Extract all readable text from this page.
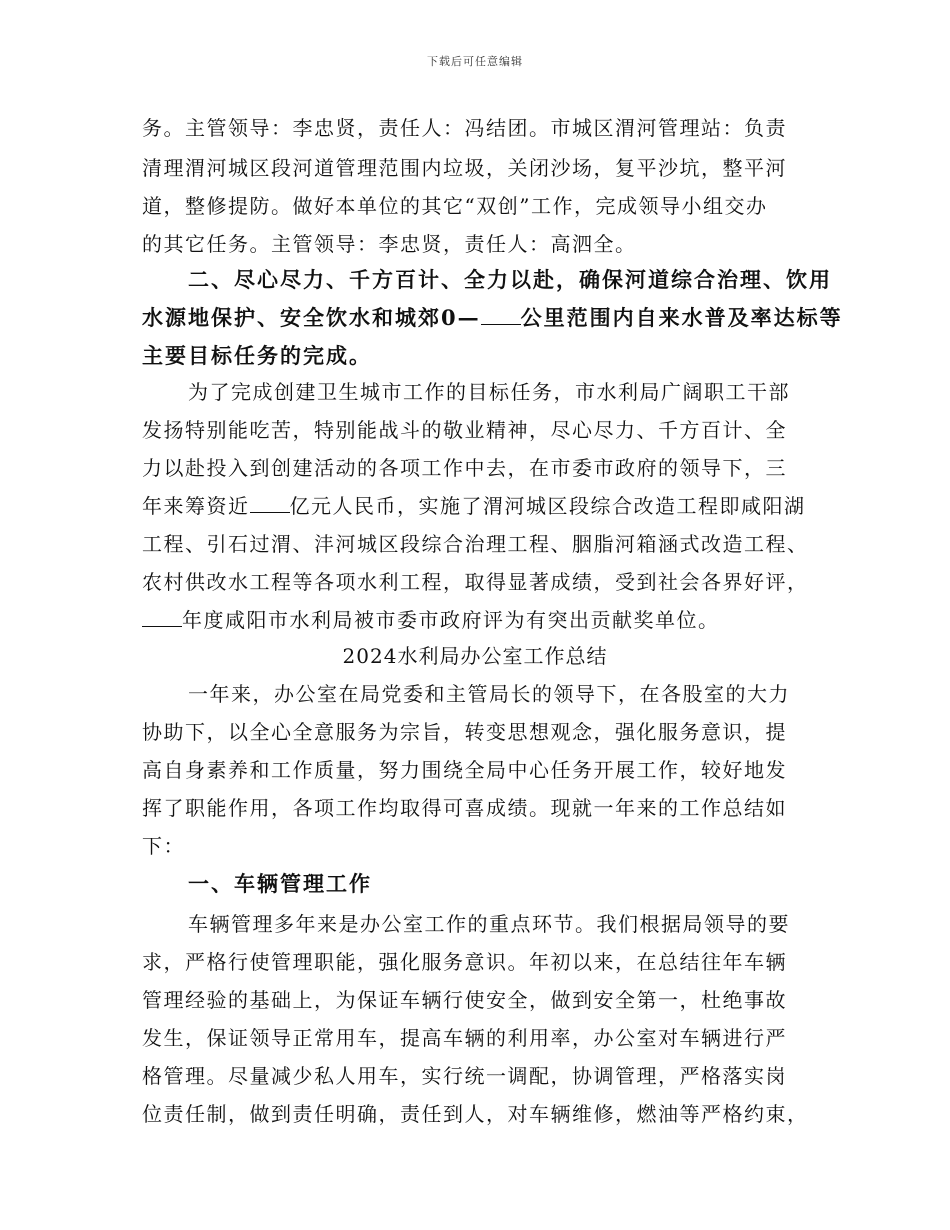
下载后可任意编辑
务。主管领导：李忠贤，责任人：冯结团。市城区渭河管理站：负责
清理渭河城区段河道管理范围内垃圾，关闭沙场，复平沙坑，整平河
道，整修提防。做好本单位的其它“双创”工作，完成领导小组交办
的其它任务。主管领导：李忠贤，责任人：高泗全。
二、尽心尽力、千方百计、全力以赴，确保河道综合治理、饮用
水源地保护、安全饮水和城郊0— 公里范围内自来水普及率达标等
主要目标任务的完成。
为了完成创建卫生城市工作的目标任务，市水利局广阔职工干部
发扬特别能吃苦，特别能战斗的敬业精神，尽心尽力、千方百计、全
力以赴投入到创建活动的各项工作中去，在市委市政府的领导下，三
年来筹资近 亿元人民币，实施了渭河城区段综合改造工程即咸阳湖
工程、引石过渭、沣河城区段综合治理工程、胭脂河箱涵式改造工程、
农村供改水工程等各项水利工程，取得显著成绩，受到社会各界好评，
年度咸阳市水利局被市委市政府评为有突出贡献奖单位。
2024水利局办公室工作总结
一年来，办公室在局党委和主管局长的领导下，在各股室的大力
协助下，以全心全意服务为宗旨，转变思想观念，强化服务意识，提
高自身素养和工作质量，努力围绕全局中心任务开展工作，较好地发
挥了职能作用，各项工作均取得可喜成绩。现就一年来的工作总结如
下：
一、车辆管理工作
车辆管理多年来是办公室工作的重点环节。我们根据局领导的要
求，严格行使管理职能，强化服务意识。年初以来，在总结往年车辆
管理经验的基础上，为保证车辆行使安全，做到安全第一，杜绝事故
发生，保证领导正常用车，提高车辆的利用率，办公室对车辆进行严
格管理。尽量减少私人用车，实行统一调配，协调管理，严格落实岗
位责任制，做到责任明确，责任到人，对车辆维修，燃油等严格约束，
